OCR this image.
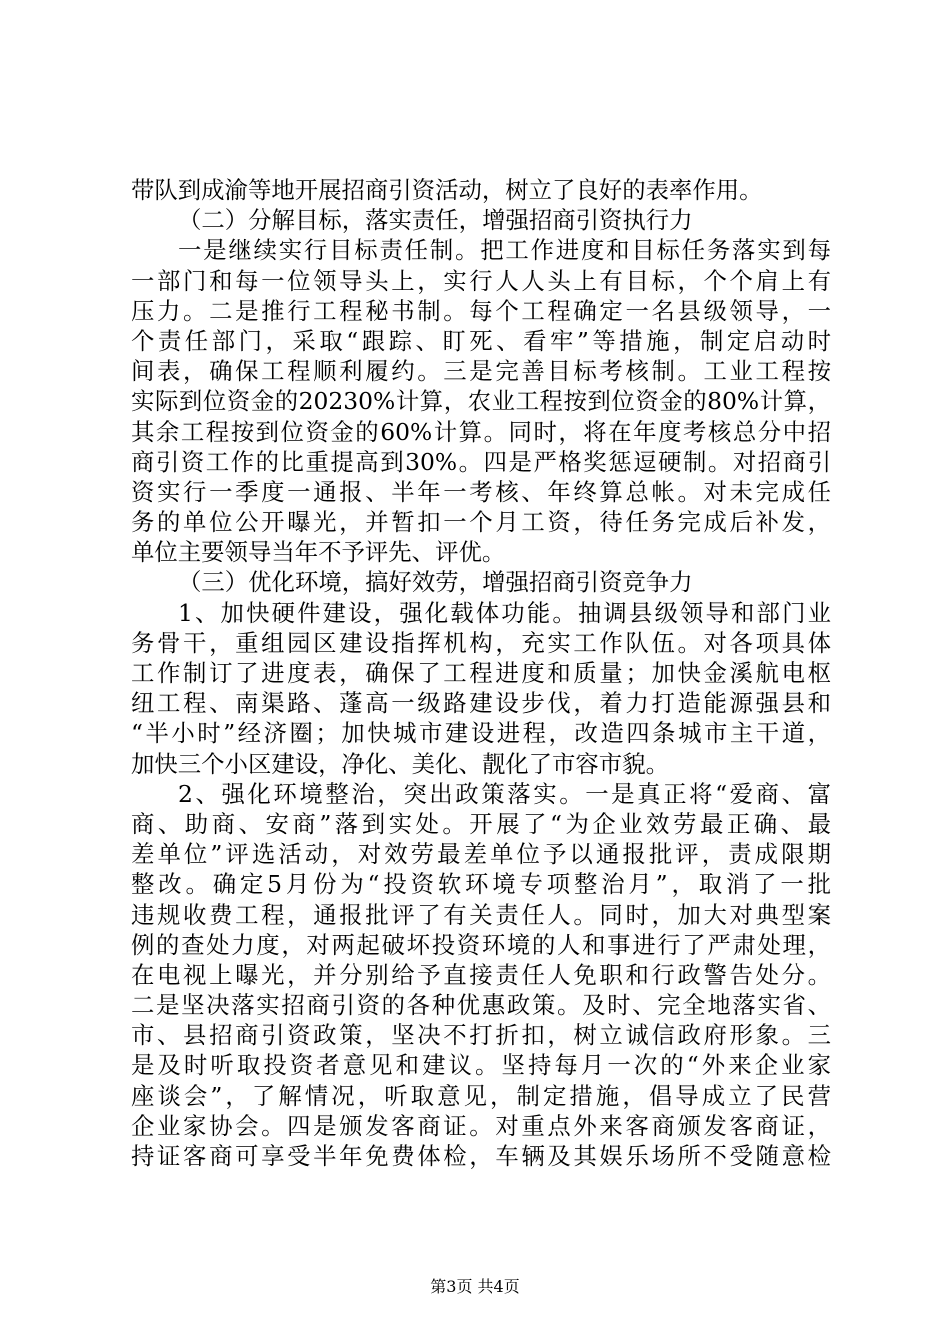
带队到成渝等地开展招商引资活动，树立了良好的表率作用。
（二）分解目标，落实责任，增强招商引资执行力
一是继续实行目标责任制。把工作进度和目标任务落实到每
一部门和每一位领导头上，实行人人头上有目标，个个肩上有
压力。二是推行工程秘书制。每个工程确定一名县级领导，一
个责任部门，采取“跟踪、盯死、看牢”等措施，制定启动时
间表，确保工程顺利履约。三是完善目标考核制。工业工程按
实际到位资金的20230%计算，农业工程按到位资金的80%计算，
其余工程按到位资金的60%计算。同时，将在年度考核总分中招
商引资工作的比重提高到30%。四是严格奖惩逗硬制。对招商引
资实行一季度一通报、半年一考核、年终算总帐。对未完成任
务的单位公开曝光，并暂扣一个月工资，待任务完成后补发，
单位主要领导当年不予评先、评优。
（三）优化环境，搞好效劳，增强招商引资竞争力
1、加快硬件建设，强化载体功能。抽调县级领导和部门业
务骨干，重组园区建设指挥机构，充实工作队伍。对各项具体
工作制订了进度表，确保了工程进度和质量；加快金溪航电枢
纽工程、南渠路、蓬高一级路建设步伐，着力打造能源强县和
“半小时”经济圈；加快城市建设进程，改造四条城市主干道，
加快三个小区建设，净化、美化、靓化了市容市貌。
2、强化环境整治，突出政策落实。一是真正将“爱商、富
商、助商、安商”落到实处。开展了“为企业效劳最正确、最
差单位”评选活动，对效劳最差单位予以通报批评，责成限期
整改。确定5月份为“投资软环境专项整治月”，取消了一批
违规收费工程，通报批评了有关责任人。同时，加大对典型案
例的查处力度，对两起破坏投资环境的人和事进行了严肃处理，
在电视上曝光，并分别给予直接责任人免职和行政警告处分。
二是坚决落实招商引资的各种优惠政策。及时、完全地落实省、
市、县招商引资政策，坚决不打折扣，树立诚信政府形象。三
是及时听取投资者意见和建议。坚持每月一次的“外来企业家
座谈会”，了解情况，听取意见，制定措施，倡导成立了民营
企业家协会。四是颁发客商证。对重点外来客商颁发客商证，
持证客商可享受半年免费体检，车辆及其娱乐场所不受随意检
第3页 共4页
